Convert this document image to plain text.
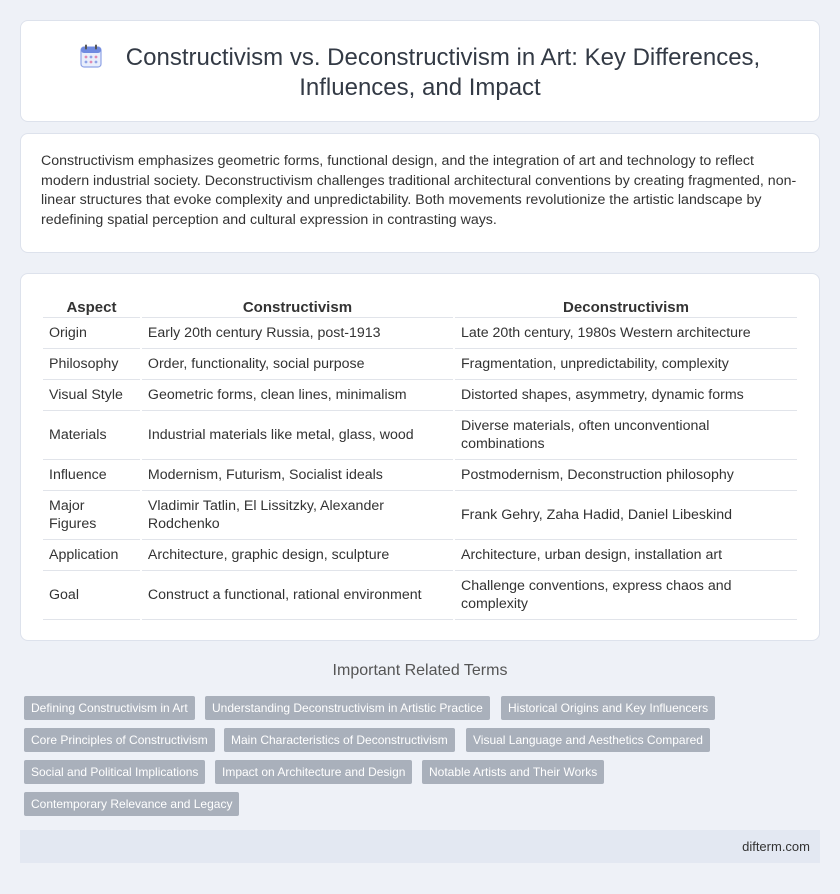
Constructivism vs. Deconstructivism in Art: Key Differences,
Influences, and Impact

Constructivism emphasizes geometric forms, functional design, and the integration of art and technology to reflect modern industrial society. Deconstructivism challenges traditional architectural conventions by creating fragmented, non-linear structures that evoke complexity and unpredictability. Both movements revolutionize the artistic landscape by redefining spatial perception and cultural expression in contrasting ways.

Aspect	Constructivism	Deconstructivism
Origin	Early 20th century Russia, post-1913	Late 20th century, 1980s Western architecture
Philosophy	Order, functionality, social purpose	Fragmentation, unpredictability, complexity
Visual Style	Geometric forms, clean lines, minimalism	Distorted shapes, asymmetry, dynamic forms
Materials	Industrial materials like metal, glass, wood	Diverse materials, often unconventional combinations
Influence	Modernism, Futurism, Socialist ideals	Postmodernism, Deconstruction philosophy
Major Figures	Vladimir Tatlin, El Lissitzky, Alexander Rodchenko	Frank Gehry, Zaha Hadid, Daniel Libeskind
Application	Architecture, graphic design, sculpture	Architecture, urban design, installation art
Goal	Construct a functional, rational environment	Challenge conventions, express chaos and complexity
Important Related Terms
Defining Constructivism in Art	Understanding Deconstructivism in Artistic Practice	Historical Origins and Key Influencers
Core Principles of Constructivism	Main Characteristics of Deconstructivism	Visual Language and Aesthetics Compared
Social and Political Implications	Impact on Architecture and Design	Notable Artists and Their Works
Contemporary Relevance and Legacy
difterm.com
